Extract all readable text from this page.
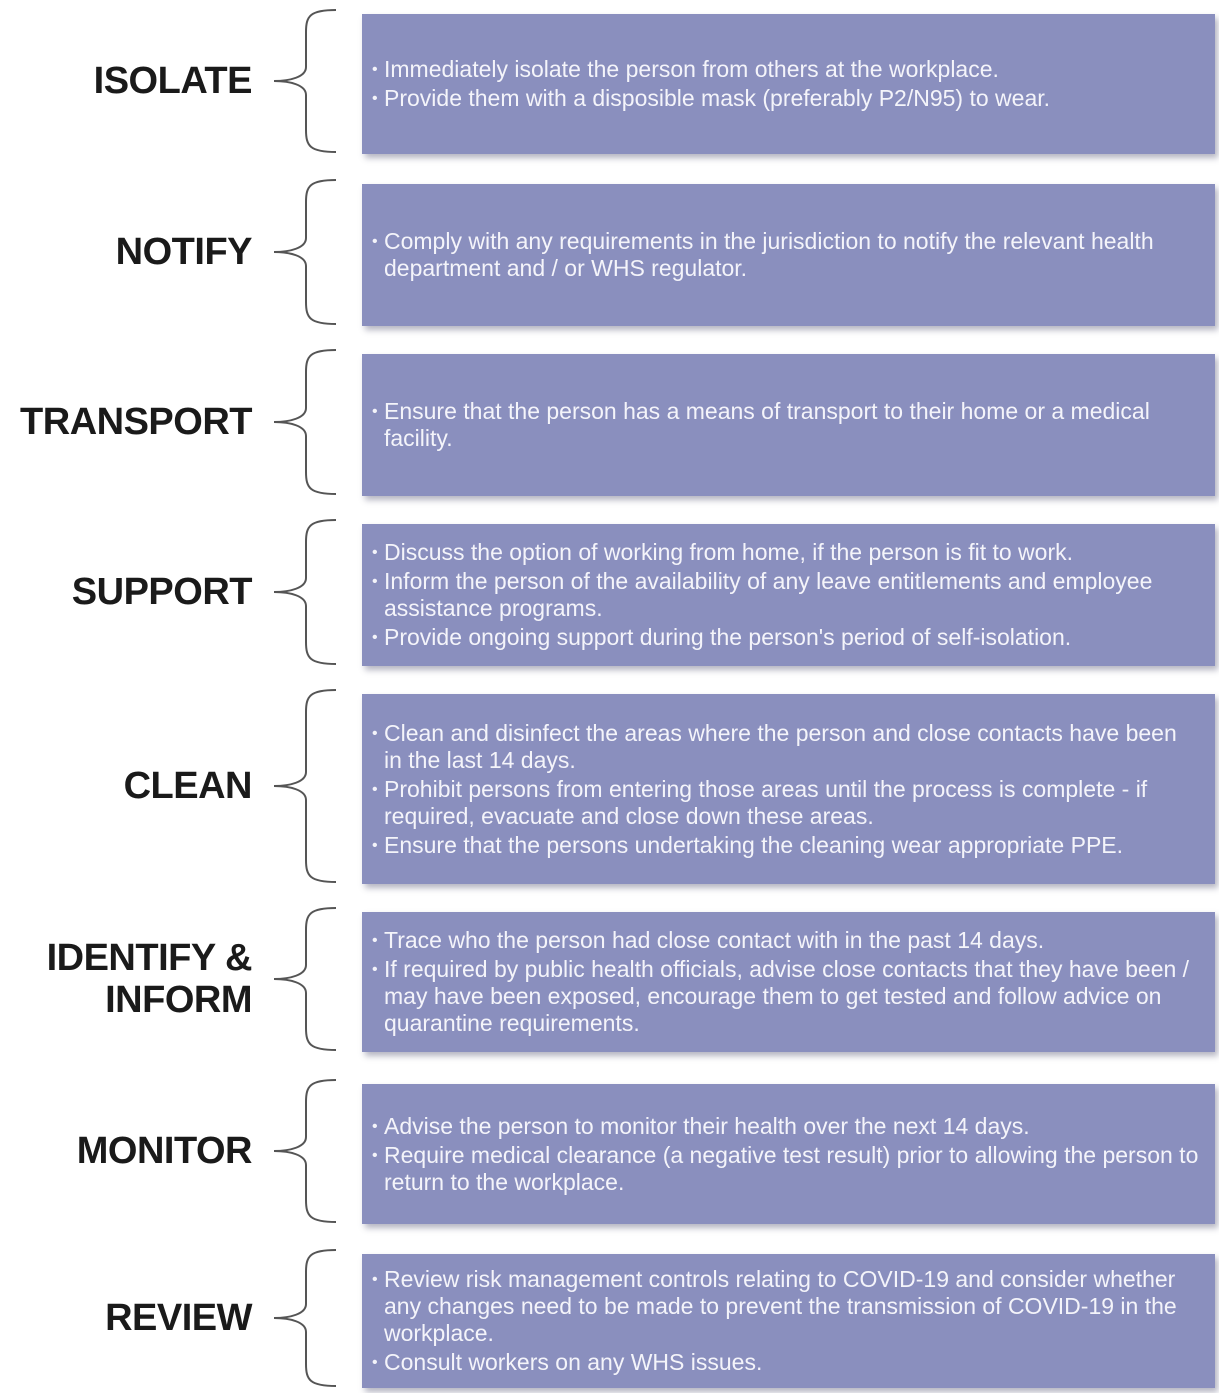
ISOLATE	• Immediately isolate the person from others at the workplace.
• Provide them with a disposible mask (preferably P2/N95) to wear.
NOTIFY	• Comply with any requirements in the jurisdiction to notify the relevant health department and / or WHS regulator.
TRANSPORT	• Ensure that the person has a means of transport to their home or a medical facility.
SUPPORT
• Discuss the option of working from home, if the person is fit to work.
• Inform the person of the availability of any leave entitlements and employee assistance programs.
• Provide ongoing support during the person's period of self-isolation.
CLEAN
• Clean and disinfect the areas where the person and close contacts have been in the last 14 days.
• Prohibit persons from entering those areas until the process is complete - if required, evacuate and close down these areas.
• Ensure that the persons undertaking the cleaning wear appropriate PPE.
IDENTIFY &
INFORM
• Trace who the person had close contact with in the past 14 days.
• If required by public health officials, advise close contacts that they have been / may have been exposed, encourage them to get tested and follow advice on quarantine requirements.
MONITOR
• Advise the person to monitor their health over the next 14 days.
• Require medical clearance (a negative test result) prior to allowing the person to return to the workplace.
REVIEW
• Review risk management controls relating to COVID-19 and consider whether any changes need to be made to prevent the transmission of COVID-19 in the workplace.
• Consult workers on any WHS issues.
